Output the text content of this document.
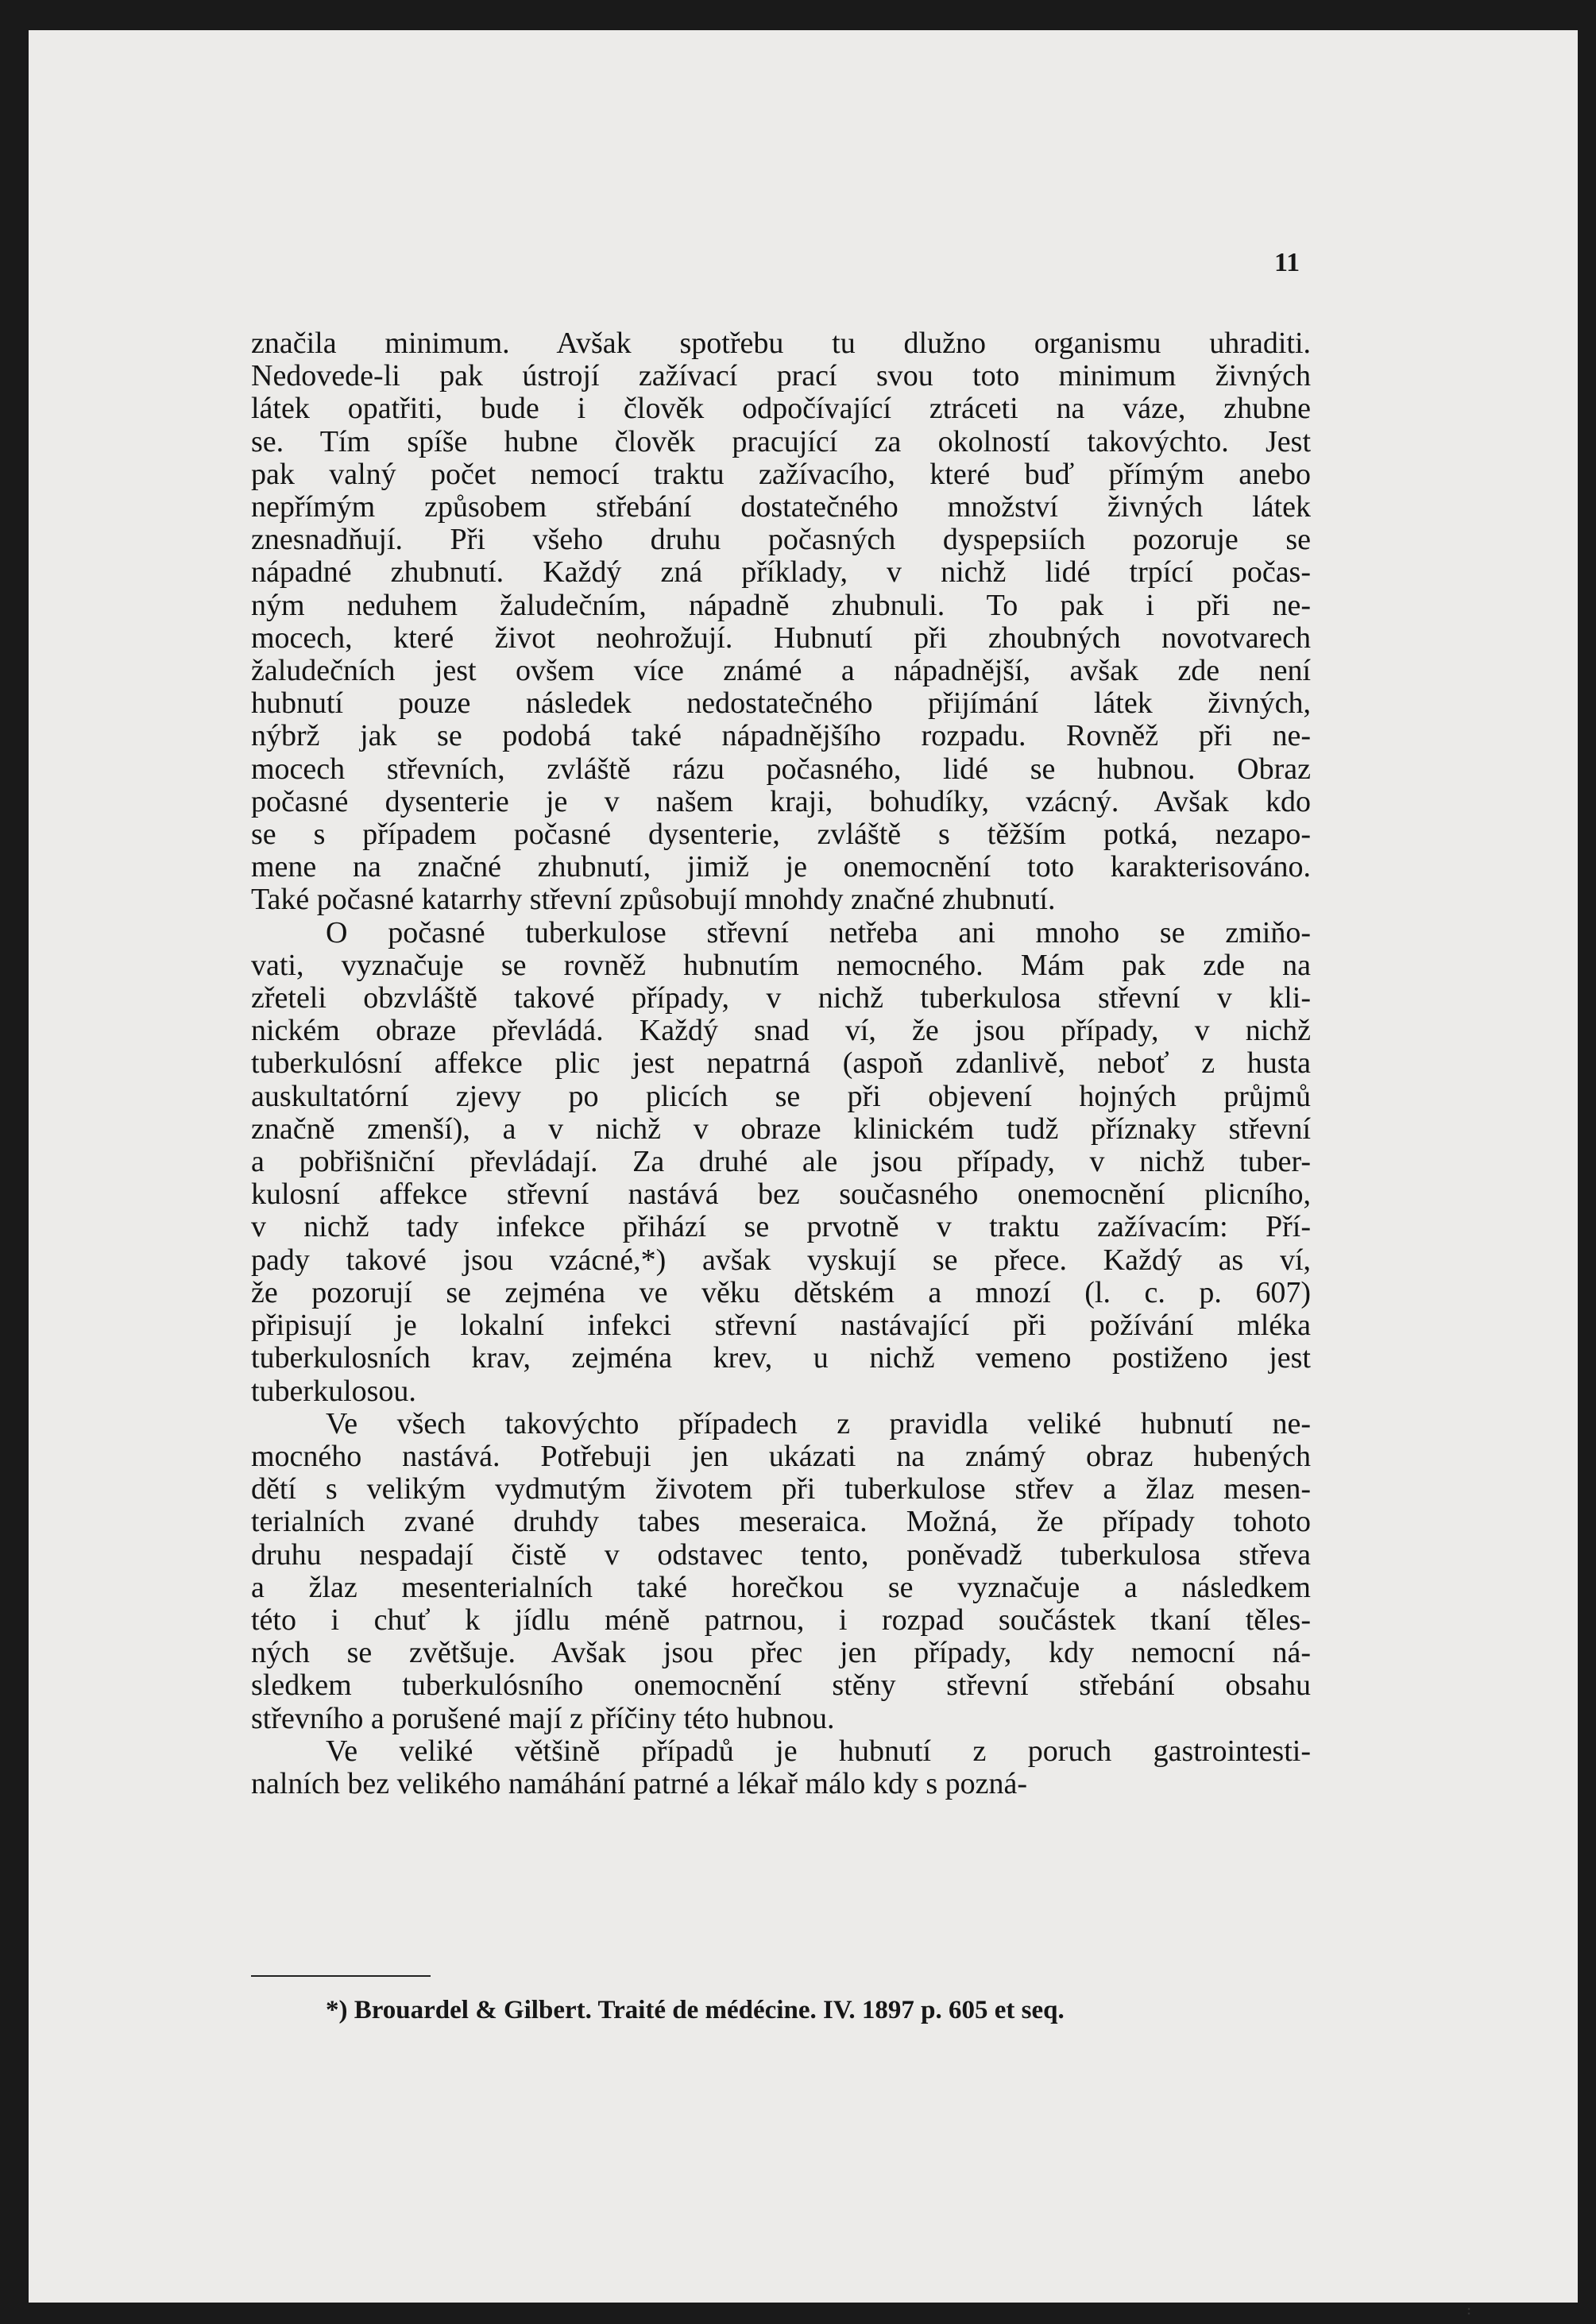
11
značila minimum. Avšak spotřebu tu dlužno organismu uhraditi.
Nedovede-li pak ústrojí zažívací prací svou toto minimum živných
látek opatřiti, bude i člověk odpočívající ztráceti na váze, zhubne
se. Tím spíše hubne člověk pracující za okolností takovýchto. Jest
pak valný počet nemocí traktu zažívacího, které buď přímým anebo
nepřímým způsobem střebání dostatečného množství živných látek
znesnadňují. Při všeho druhu počasných dyspepsiích pozoruje se
nápadné zhubnutí. Každý zná příklady, v nichž lidé trpící počas-
ným neduhem žaludečním, nápadně zhubnuli. To pak i při ne-
mocech, které život neohrožují. Hubnutí při zhoubných novotvarech
žaludečních jest ovšem více známé a nápadnější, avšak zde není
hubnutí pouze následek nedostatečného přijímání látek živných,
nýbrž jak se podobá také nápadnějšího rozpadu. Rovněž při ne-
mocech střevních, zvláště rázu počasného, lidé se hubnou. Obraz
počasné dysenterie je v našem kraji, bohudíky, vzácný. Avšak kdo
se s případem počasné dysenterie, zvláště s těžším potká, nezapo-
mene na značné zhubnutí, jimiž je onemocnění toto karakterisováno.
Také počasné katarrhy střevní způsobují mnohdy značné zhubnutí.
O počasné tuberkulose střevní netřeba ani mnoho se zmiňo-
vati, vyznačuje se rovněž hubnutím nemocného. Mám pak zde na
zřeteli obzvláště takové případy, v nichž tuberkulosa střevní v kli-
nickém obraze převládá. Každý snad ví, že jsou případy, v nichž
tuberkulósní affekce plic jest nepatrná (aspoň zdanlivě, neboť z husta
auskultatórní zjevy po plicích se při objevení hojných průjmů
značně zmenší), a v nichž v obraze klinickém tudž příznaky střevní
a pobřišniční převládají. Za druhé ale jsou případy, v nichž tuber-
kulosní affekce střevní nastává bez současného onemocnění plicního,
v nichž tady infekce přihází se prvotně v traktu zažívacím: Pří-
pady takové jsou vzácné,*) avšak vyskují se přece. Každý as ví,
že pozorují se zejména ve věku dětském a mnozí (l. c. p. 607)
připisují je lokalní infekci střevní nastávající při požívání mléka
tuberkulosních krav, zejména krev, u nichž vemeno postiženo jest
tuberkulosou.
Ve všech takovýchto případech z pravidla veliké hubnutí ne-
mocného nastává. Potřebuji jen ukázati na známý obraz hubených
dětí s velikým vydmutým životem při tuberkulose střev a žlaz mesen-
terialních zvané druhdy tabes meseraica. Možná, že případy tohoto
druhu nespadají čistě v odstavec tento, poněvadž tuberkulosa střeva
a žlaz mesenterialních také horečkou se vyznačuje a následkem
této i chuť k jídlu méně patrnou, i rozpad součástek tkaní těles-
ných se zvětšuje. Avšak jsou přec jen případy, kdy nemocní ná-
sledkem tuberkulósního onemocnění stěny střevní střebání obsahu
střevního a porušené mají z příčiny této hubnou.
Ve veliké většině případů je hubnutí z poruch gastrointesti-
nalních bez velikého namáhání patrné a lékař málo kdy s pozná-
*) Brouardel & Gilbert. Traité de médécine. IV. 1897 p. 605 et seq.
꞉
